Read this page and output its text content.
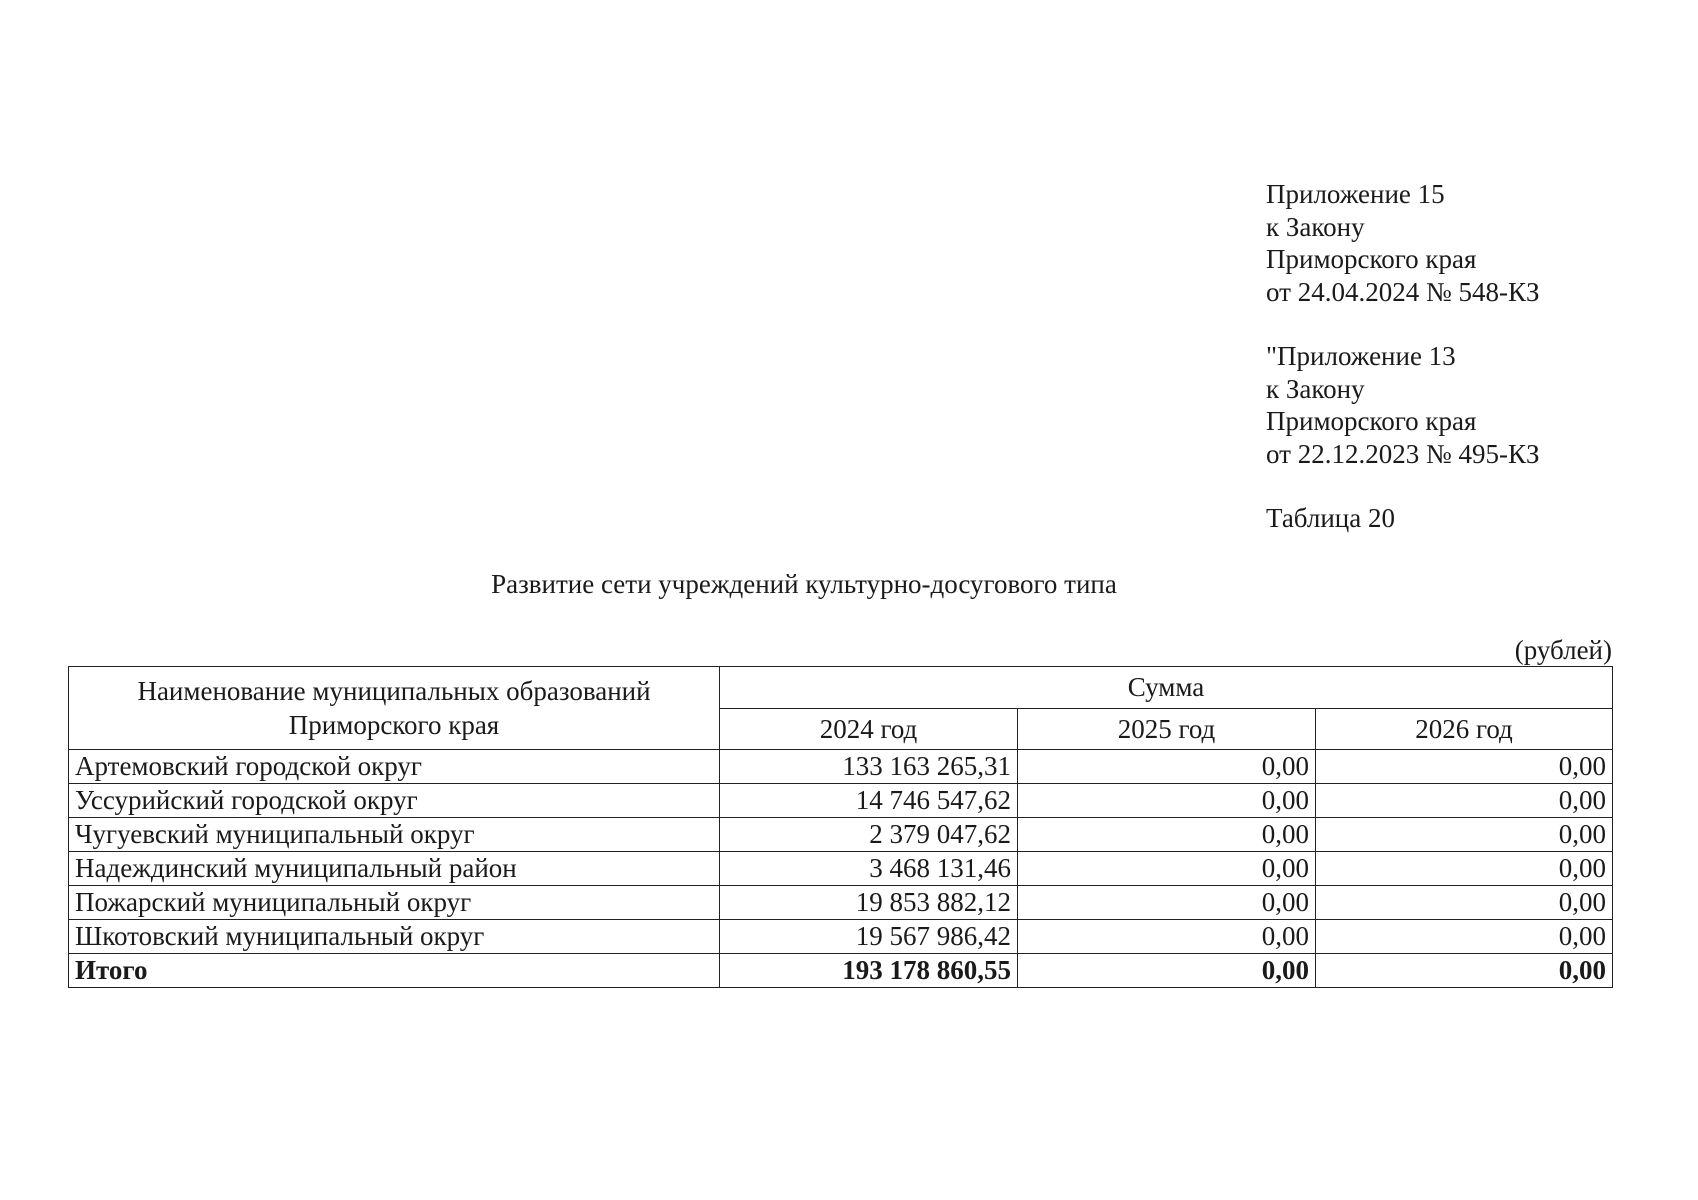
Приложение 15
к Закону
Приморского края
от 24.04.2024 № 548-КЗ
"Приложение 13
к Закону
Приморского края
от 22.12.2023 № 495-КЗ
Таблица 20
Развитие сети учреждений культурно-досугового типа
(рублей)
Наименование муниципальных образований Приморского края	Сумма		
	2024 год	2025 год	2026 год
Артемовский городской округ	133 163 265,31	0,00	0,00
Уссурийский городской округ	14 746 547,62	0,00	0,00
Чугуевский муниципальный округ	2 379 047,62	0,00	0,00
Надеждинский муниципальный район	3 468 131,46	0,00	0,00
Пожарский муниципальный округ	19 853 882,12	0,00	0,00
Шкотовский муниципальный округ	19 567 986,42	0,00	0,00
Итого	193 178 860,55	0,00	0,00
